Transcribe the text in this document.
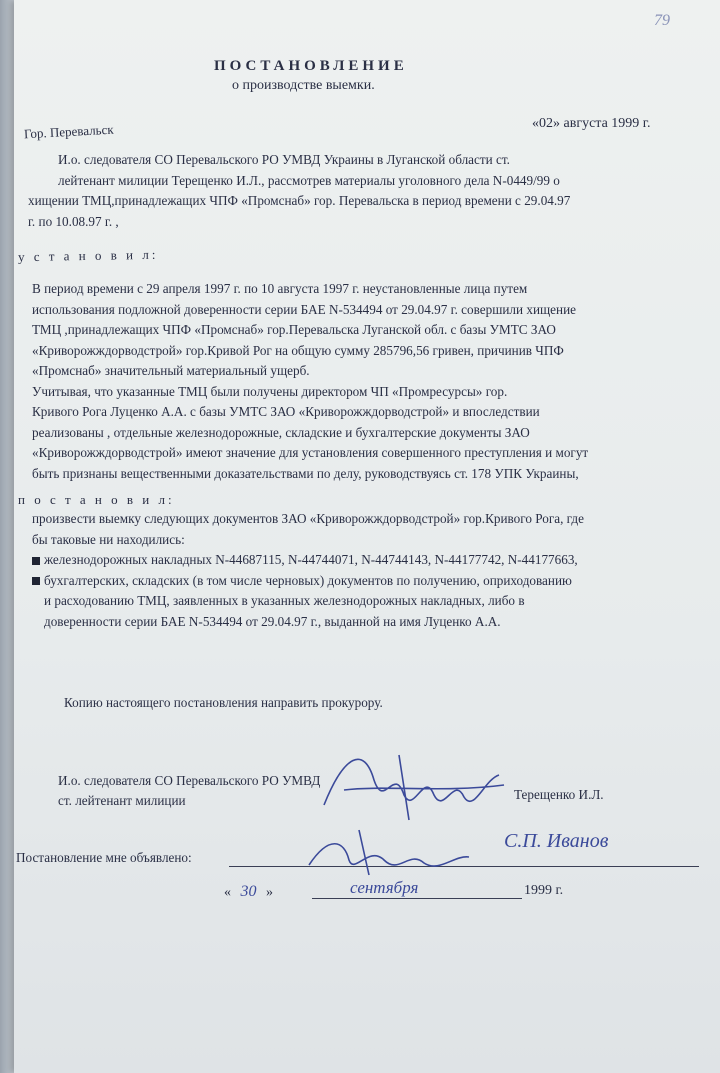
79
ПОСТАНОВЛЕНИЕ
о производстве выемки.
Гор. Перевальск	«02» августа 1999 г.
И.о. следователя СО Перевальского РО УМВД Украины в Луганской области ст.
лейтенант милиции Терещенко И.Л., рассмотрев материалы уголовного дела N-0449/99 о
хищении ТМЦ,принадлежащих ЧПФ «Промснаб» гор. Перевальска в период времени с 29.04.97
г. по 10.08.97 г. ,
у с т а н о в и л:
В период времени с 29 апреля 1997 г. по 10 августа 1997 г. неустановленные лица путем
использования подложной доверенности серии БАЕ N-534494 от 29.04.97 г. совершили хищение
ТМЦ ,принадлежащих ЧПФ «Промснаб» гор.Перевальска Луганской обл. с базы УМТС ЗАО
«Криворожждорводстрой» гор.Кривой Рог на общую сумму 285796,56 гривен, причинив ЧПФ
«Промснаб» значительный материальный ущерб.
Учитывая, что указанные ТМЦ были получены директором ЧП «Промресурсы» гор.
Кривого Рога Луценко А.А. с базы УМТС ЗАО «Криворожждорводстрой» и впоследствии
реализованы , отдельные железнодорожные, складские и бухгалтерские документы ЗАО
«Криворожждорводстрой» имеют значение для установления совершенного преступления и могут
быть признаны вещественными доказательствами по делу, руководствуясь ст. 178 УПК Украины,
п о с т а н о в и л:
произвести выемку следующих документов ЗАО «Криворожждорводстрой» гор.Кривого Рога, где
бы таковые ни находились:
железнодорожных накладных N-44687115, N-44744071, N-44744143, N-44177742, N-44177663,
бухгалтерских, складских (в том числе черновых) документов по получению, оприходованию
и расходованию ТМЦ, заявленных в указанных железнодорожных накладных, либо в
доверенности серии БАЕ N-534494 от 29.04.97 г., выданной на имя Луценко А.А.
Копию настоящего постановления направить прокурору.
И.о. следователя СО Перевальского РО УМВД
ст. лейтенант милиции	Терещенко И.Л.
Постановление мне объявлено:
С.П. Иванов
« 30 »	сентября	1999 г.
